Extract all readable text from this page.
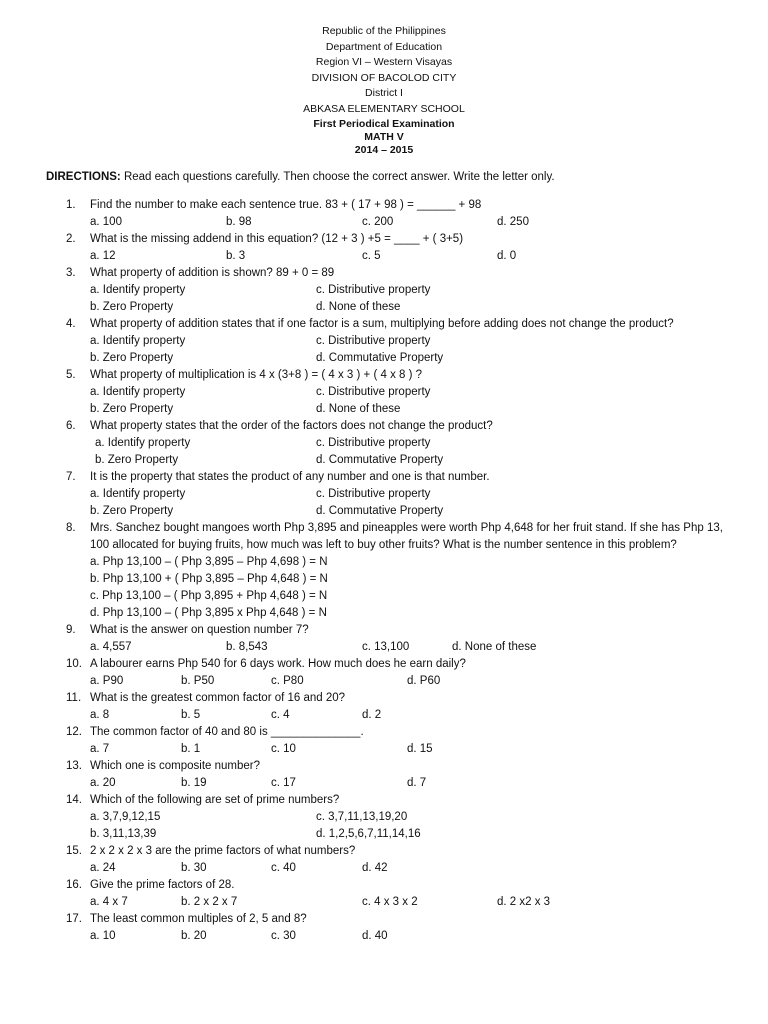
Republic of the Philippines
Department of Education
Region VI – Western Visayas
DIVISION OF BACOLOD CITY
District I
ABKASA ELEMENTARY SCHOOL
First Periodical Examination
MATH V
2014 – 2015
DIRECTIONS: Read each questions carefully. Then choose the correct answer. Write the letter only.
1. Find the number to make each sentence true. 83 + ( 17 + 98 ) = ______ + 98
a. 100	b. 98	c. 200	d. 250
2. What is the missing addend in this equation? (12 + 3 ) +5 = ____ + ( 3+5)
a. 12	b. 3	c. 5	d. 0
3. What property of addition is shown? 89 + 0 = 89
a. Identify property	c. Distributive property
b. Zero Property	d. None of these
4. What property of addition states that if one factor is a sum, multiplying before adding does not change the product?
a. Identify property	c. Distributive property
b. Zero Property	d. Commutative Property
5. What property of multiplication is 4 x (3+8 ) = ( 4 x 3 ) + ( 4 x 8 ) ?
a. Identify property	c. Distributive property
b. Zero Property	d. None of these
6. What property states that the order of the factors does not change the product?
a. Identify property	c. Distributive property
b. Zero Property	d. Commutative Property
7. It is the property that states the product of any number and one is that number.
a. Identify property	c. Distributive property
b. Zero Property	d. Commutative Property
8. Mrs. Sanchez bought mangoes worth Php 3,895 and pineapples were worth Php 4,648 for her fruit stand. If she has Php 13, 100 allocated for buying fruits, how much was left to buy other fruits? What is the number sentence in this problem?
a. Php 13,100 – ( Php 3,895 – Php 4,698 ) = N
b. Php 13,100 + ( Php 3,895 – Php 4,648 ) = N
c. Php 13,100 – ( Php 3,895 + Php 4,648 ) = N
d. Php 13,100 – ( Php 3,895 x Php 4,648 ) = N
9. What is the answer on question number 7?
a. 4,557	b. 8,543	c. 13,100	d. None of these
10. A labourer earns Php 540 for 6 days work. How much does he earn daily?
a. P90	b. P50	c. P80	d. P60
11. What is the greatest common factor of 16 and 20?
a. 8	b. 5	c. 4	d. 2
12. The common factor of 40 and 80 is ______________.
a. 7	b. 1	c. 10	d. 15
13. Which one is composite number?
a. 20	b. 19	c. 17	d. 7
14. Which of the following are set of prime numbers?
a. 3,7,9,12,15	c. 3,7,11,13,19,20
b. 3,11,13,39	d. 1,2,5,6,7,11,14,16
15. 2 x 2 x 2 x 3 are the prime factors of what numbers?
a. 24	b. 30	c. 40	d. 42
16. Give the prime factors of 28.
a. 4 x 7	b. 2 x 2 x 7	c. 4 x 3 x 2	d. 2 x2 x 3
17. The least common multiples of 2, 5 and 8?
a. 10	b. 20	c. 30	d. 40
